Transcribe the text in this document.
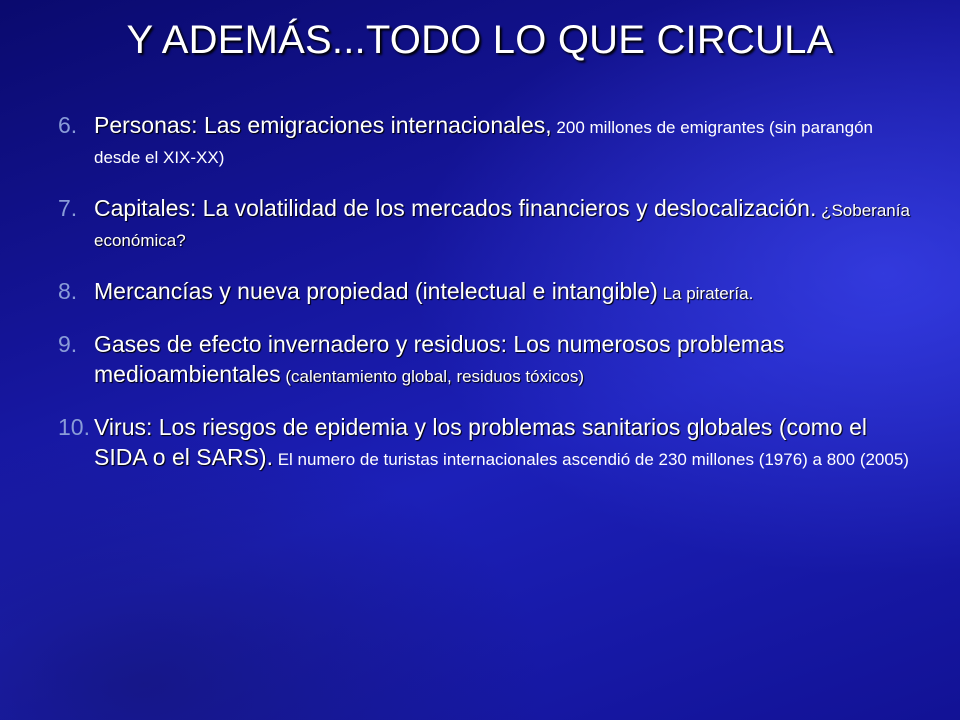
Y ADEMÁS...TODO LO QUE CIRCULA
6. Personas: Las emigraciones internacionales, 200 millones de emigrantes (sin parangón desde el XIX-XX)
7. Capitales: La volatilidad de los mercados financieros y deslocalización. ¿Soberanía económica?
8. Mercancías y nueva propiedad (intelectual e intangible) La piratería.
9. Gases de efecto invernadero y residuos: Los numerosos problemas medioambientales (calentamiento global, residuos tóxicos)
10. Virus: Los riesgos de epidemia y los problemas sanitarios globales (como el SIDA o el SARS). El numero de turistas internacionales ascendió de 230 millones (1976) a 800 (2005)
